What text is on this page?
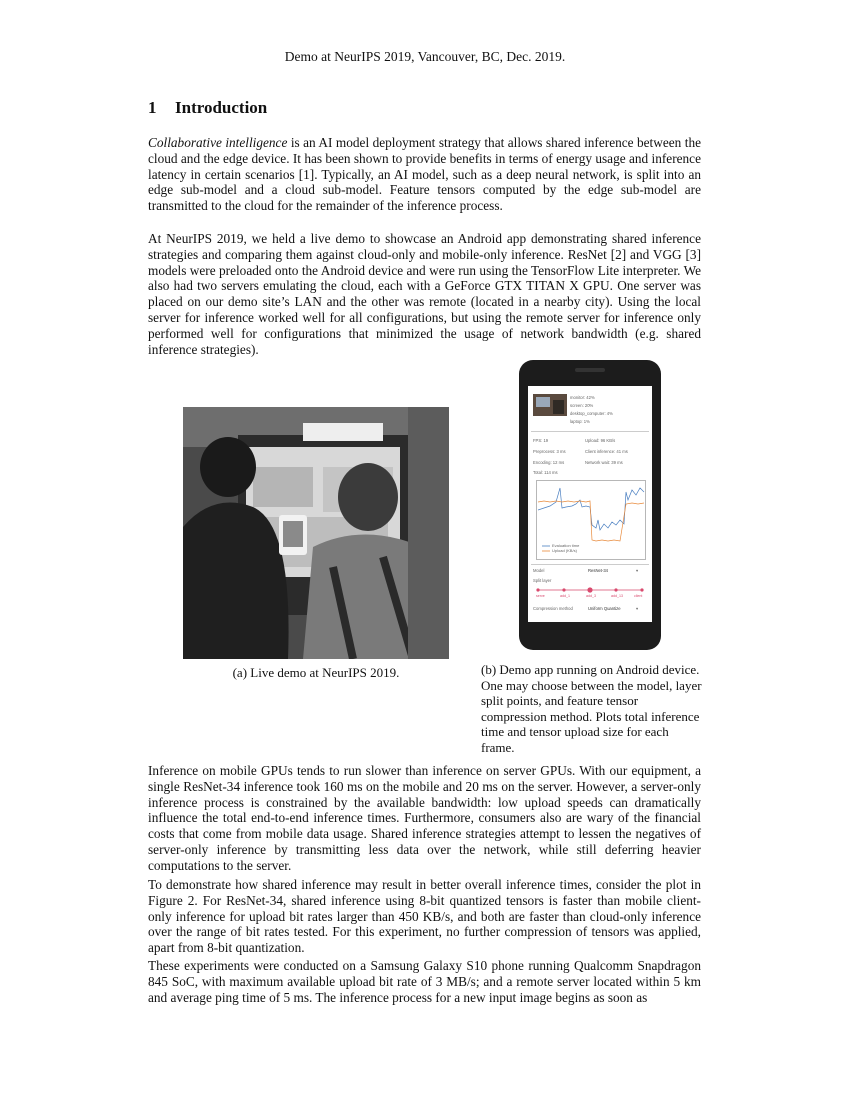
Demo at NeurIPS 2019, Vancouver, BC, Dec. 2019.
1 Introduction

Collaborative intelligence is an AI model deployment strategy that allows shared inference between the cloud and the edge device. It has been shown to provide benefits in terms of energy usage and inference latency in certain scenarios [1]. Typically, an AI model, such as a deep neural network, is split into an edge sub-model and a cloud sub-model. Feature tensors computed by the edge sub-model are transmitted to the cloud for the remainder of the inference process.

At NeurIPS 2019, we held a live demo to showcase an Android app demonstrating shared inference strategies and comparing them against cloud-only and mobile-only inference. ResNet [2] and VGG [3] models were preloaded onto the Android device and were run using the TensorFlow Lite interpreter. We also had two servers emulating the cloud, each with a GeForce GTX TITAN X GPU. One server was placed on our demo site’s LAN and the other was remote (located in a nearby city). Using the local server for inference worked well for all configurations, but using the remote server for inference only performed well for configurations that minimized the usage of network bandwidth (e.g. shared inference strategies).

(a) Live demo at NeurIPS 2019.
monitor: 42%
screen: 20%
desktop_computer: 4%
laptop: 1%
FPS: 19
Preprocess: 3 ms
Encoding: 12 ms
Total: 114 ms
Upload: 96 KB/s
Client inference: 41 ms
Network wait: 39 ms
Evaluation time
Upload (KB/s)
Model	ResNet-34	▾
Split layer
serve	add_1	add_3	add_13	client
Compression method	Uniform Quantize	▾
(b) Demo app running on Android device. One may choose between the model, layer split points, and feature tensor compression method. Plots total inference time and tensor upload size for each frame.

Inference on mobile GPUs tends to run slower than inference on server GPUs. With our equipment, a single ResNet-34 inference took 160 ms on the mobile and 20 ms on the server. However, a server-only inference process is constrained by the available bandwidth: low upload speeds can dramatically influence the total end-to-end inference times. Furthermore, consumers also are wary of the financial costs that come from mobile data usage. Shared inference strategies attempt to lessen the negatives of server-only inference by transmitting less data over the network, while still deferring heavier computations to the server.

To demonstrate how shared inference may result in better overall inference times, consider the plot in Figure 2. For ResNet-34, shared inference using 8-bit quantized tensors is faster than mobile client-only inference for upload bit rates larger than 450 KB/s, and both are faster than cloud-only inference over the range of bit rates tested. For this experiment, no further compression of tensors was applied, apart from 8-bit quantization.

These experiments were conducted on a Samsung Galaxy S10 phone running Qualcomm Snapdragon 845 SoC, with maximum available upload bit rate of 3 MB/s; and a remote server located within 5 km and average ping time of 5 ms. The inference process for a new input image begins as soon as
